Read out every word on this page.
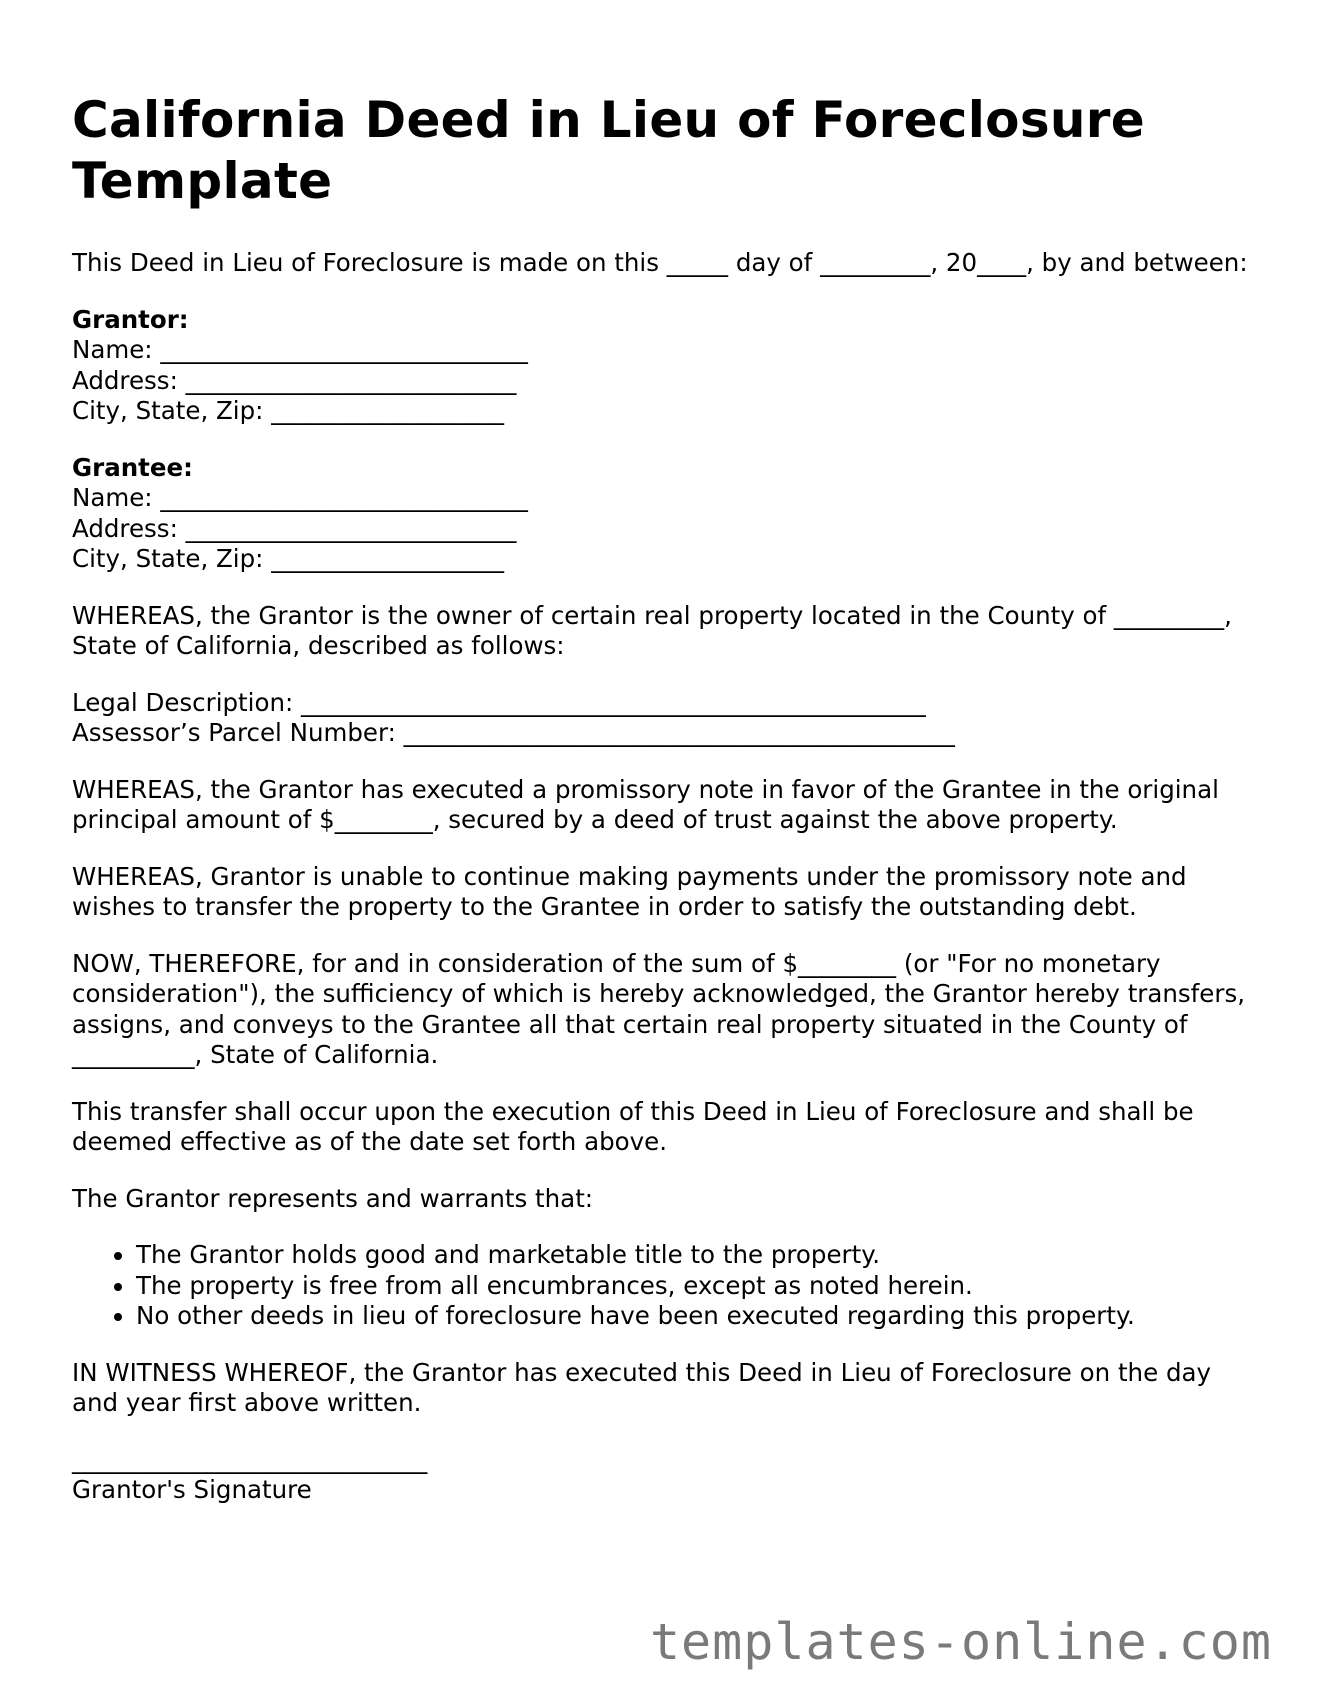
California Deed in Lieu of Foreclosure Template
This Deed in Lieu of Foreclosure is made on this _____ day of _________, 20____, by and between:
Grantor:
Name: ______________________________
Address: ___________________________
City, State, Zip: ___________________
Grantee:
Name: ______________________________
Address: ___________________________
City, State, Zip: ___________________
WHEREAS, the Grantor is the owner of certain real property located in the County of _________, State of California, described as follows:
Legal Description: ___________________________________________________
Assessor’s Parcel Number: _____________________________________________
WHEREAS, the Grantor has executed a promissory note in favor of the Grantee in the original principal amount of $________, secured by a deed of trust against the above property.
WHEREAS, Grantor is unable to continue making payments under the promissory note and wishes to transfer the property to the Grantee in order to satisfy the outstanding debt.
NOW, THEREFORE, for and in consideration of the sum of $________ (or "For no monetary consideration"), the sufficiency of which is hereby acknowledged, the Grantor hereby transfers, assigns, and conveys to the Grantee all that certain real property situated in the County of __________, State of California.
This transfer shall occur upon the execution of this Deed in Lieu of Foreclosure and shall be deemed effective as of the date set forth above.
The Grantor represents and warrants that:
• The Grantor holds good and marketable title to the property.
• The property is free from all encumbrances, except as noted herein.
• No other deeds in lieu of foreclosure have been executed regarding this property.
IN WITNESS WHEREOF, the Grantor has executed this Deed in Lieu of Foreclosure on the day and year first above written.
_____________________________
Grantor's Signature
templates-online.com
